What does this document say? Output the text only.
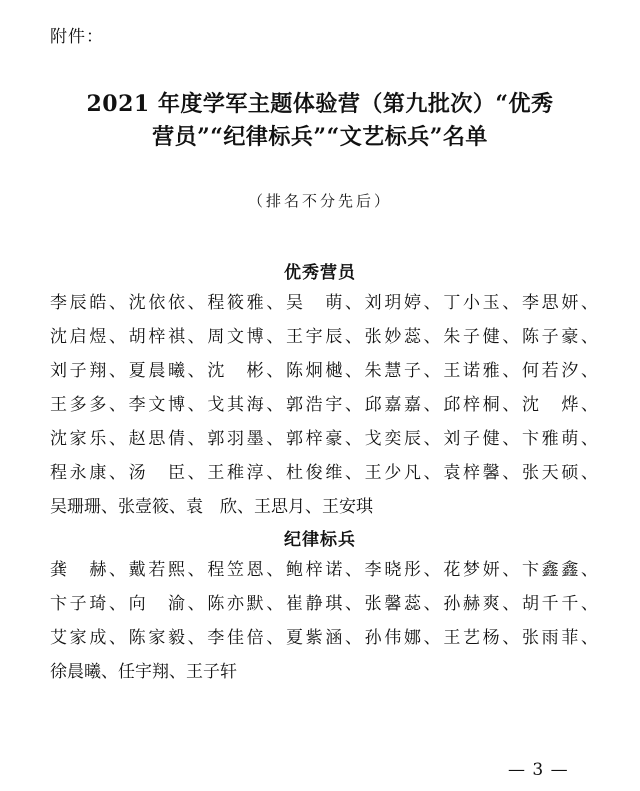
附件：
2021 年度学军主题体验营（第九批次）“优秀
营员”“纪律标兵”“文艺标兵”名单
（排名不分先后）
优秀营员
李辰皓、沈依依、程筱雅、吴　萌、刘玥婷、丁小玉、李思妍、
沈启煜、胡梓祺、周文博、王宇辰、张妙蕊、朱子健、陈子豪、
刘子翔、夏晨曦、沈　彬、陈炯樾、朱慧子、王诺雅、何若汐、
王多多、李文博、戈其海、郭浩宇、邱嘉嘉、邱梓桐、沈　烨、
沈家乐、赵思倩、郭羽墨、郭梓豪、戈奕辰、刘子健、卞雅萌、
程永康、汤　臣、王稚淳、杜俊维、王少凡、袁梓馨、张天硕、
吴珊珊、张壹筱、袁　欣、王思月、王安琪
纪律标兵
龚　赫、戴若熙、程笠恩、鲍梓诺、李晓彤、花梦妍、卞鑫鑫、
卞子琦、向　渝、陈亦默、崔静琪、张馨蕊、孙赫爽、胡千千、
艾家成、陈家毅、李佳倍、夏紫涵、孙伟娜、王艺杨、张雨菲、
徐晨曦、任宇翔、王子轩
— 3 —
